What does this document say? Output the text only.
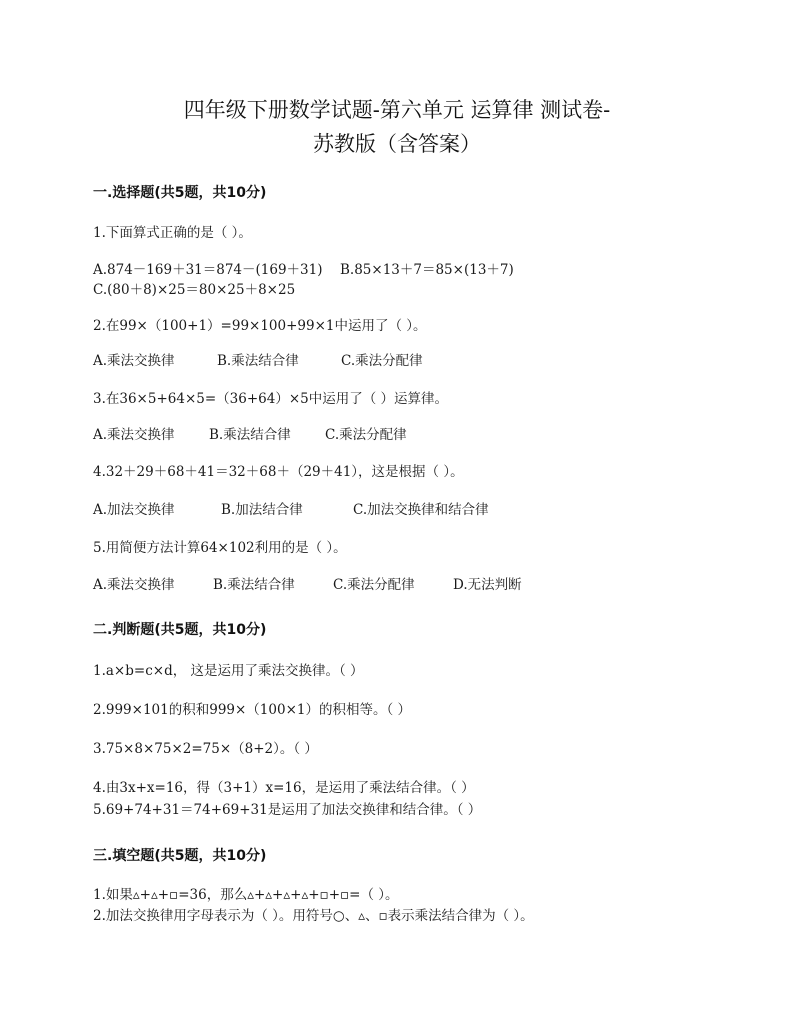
四年级下册数学试题-第六单元 运算律 测试卷-
苏教版（含答案）
一.选择题(共5题，共10分)
1.下面算式正确的是（ ）。
A.874－169＋31＝874－(169＋31) B.85×13＋7＝85×(13＋7)
C.(80＋8)×25＝80×25＋8×25
2.在99×（100+1）=99×100+99×1中运用了（ ）。
A.乘法交换律	B.乘法结合律	C.乘法分配律
3.在36×5+64×5=（36+64）×5中运用了（ ）运算律。
A.乘法交换律	B.乘法结合律	C.乘法分配律
4.32＋29＋68＋41＝32＋68＋（29＋41），这是根据（ ）。
A.加法交换律	B.加法结合律	C.加法交换律和结合律
5.用简便方法计算64×102利用的是（ ）。
A.乘法交换律	B.乘法结合律	C.乘法分配律	D.无法判断
二.判断题(共5题，共10分)
1.a×b=c×d， 这是运用了乘法交换律。（ ）
2.999×101的积和999×（100×1）的积相等。（ ）
3.75×8×75×2=75×（8+2）。（ ）
4.由3x+x=16，得（3+1）x=16，是运用了乘法结合律。（ ）
5.69+74+31＝74+69+31是运用了加法交换律和结合律。（ ）
三.填空题(共5题，共10分)
1.如果▵+▵+▫=36，那么▵+▵+▵+▵+▫+▫=（ ）。
2.加法交换律用字母表示为（ ）。用符号○、▵、▫表示乘法结合律为（ ）。
